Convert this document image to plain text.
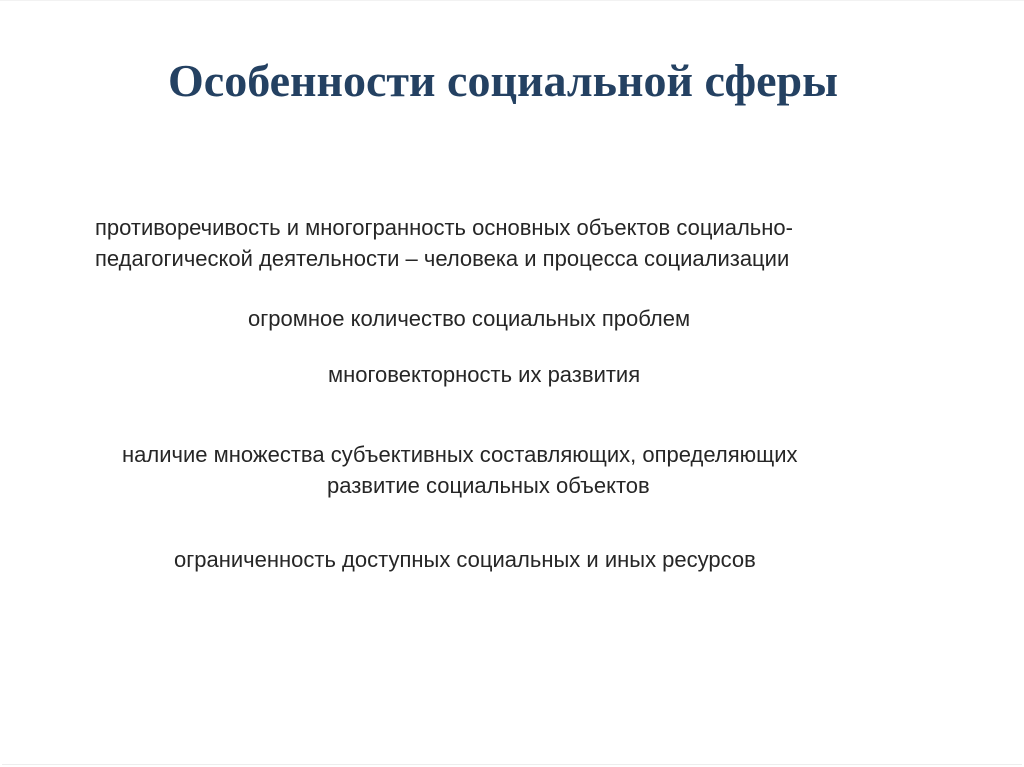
Особенности социальной сферы

противоречивость и многогранность основных объектов социально-

педагогической деятельности – человека и процесса социализации

огромное количество социальных проблем

многовекторность их развития

наличие множества субъективных составляющих, определяющих

развитие социальных объектов

ограниченность доступных социальных и иных ресурсов
